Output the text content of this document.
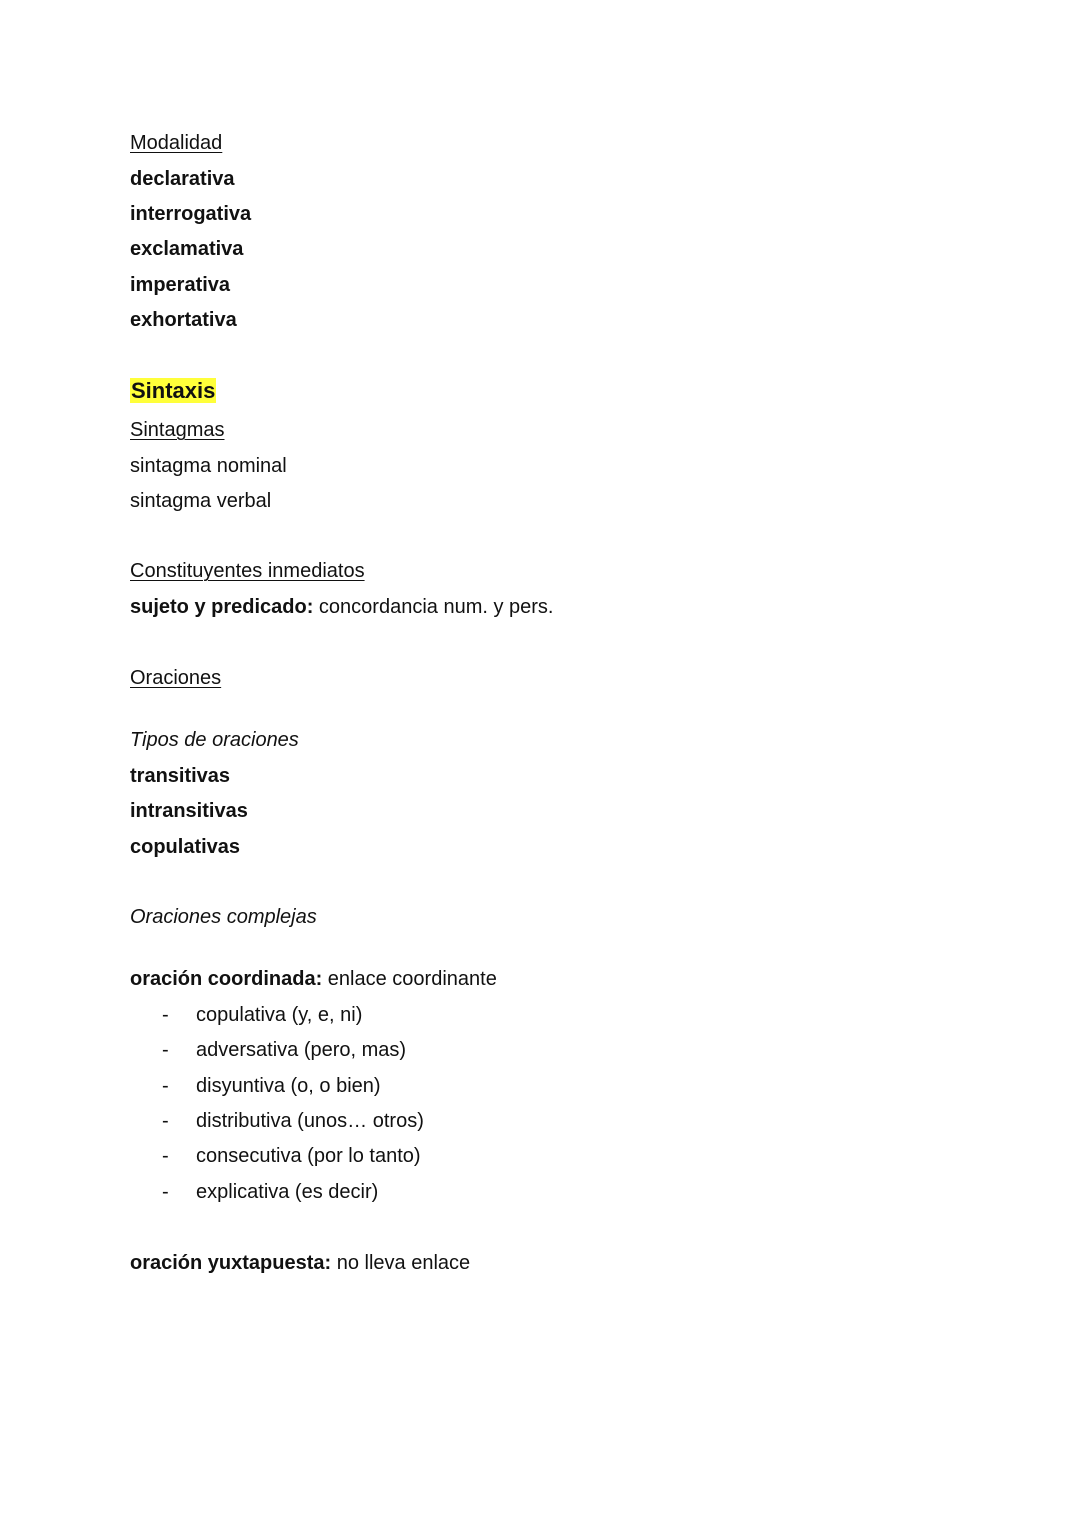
Modalidad
declarativa
interrogativa
exclamativa
imperativa
exhortativa
Sintaxis
Sintagmas
sintagma nominal
sintagma verbal
Constituyentes inmediatos
sujeto y predicado: concordancia num. y pers.
Oraciones
Tipos de oraciones
transitivas
intransitivas
copulativas
Oraciones complejas
oración coordinada: enlace coordinante
- copulativa (y, e, ni)
- adversativa (pero, mas)
- disyuntiva (o, o bien)
- distributiva (unos… otros)
- consecutiva (por lo tanto)
- explicativa (es decir)
oración yuxtapuesta: no lleva enlace
